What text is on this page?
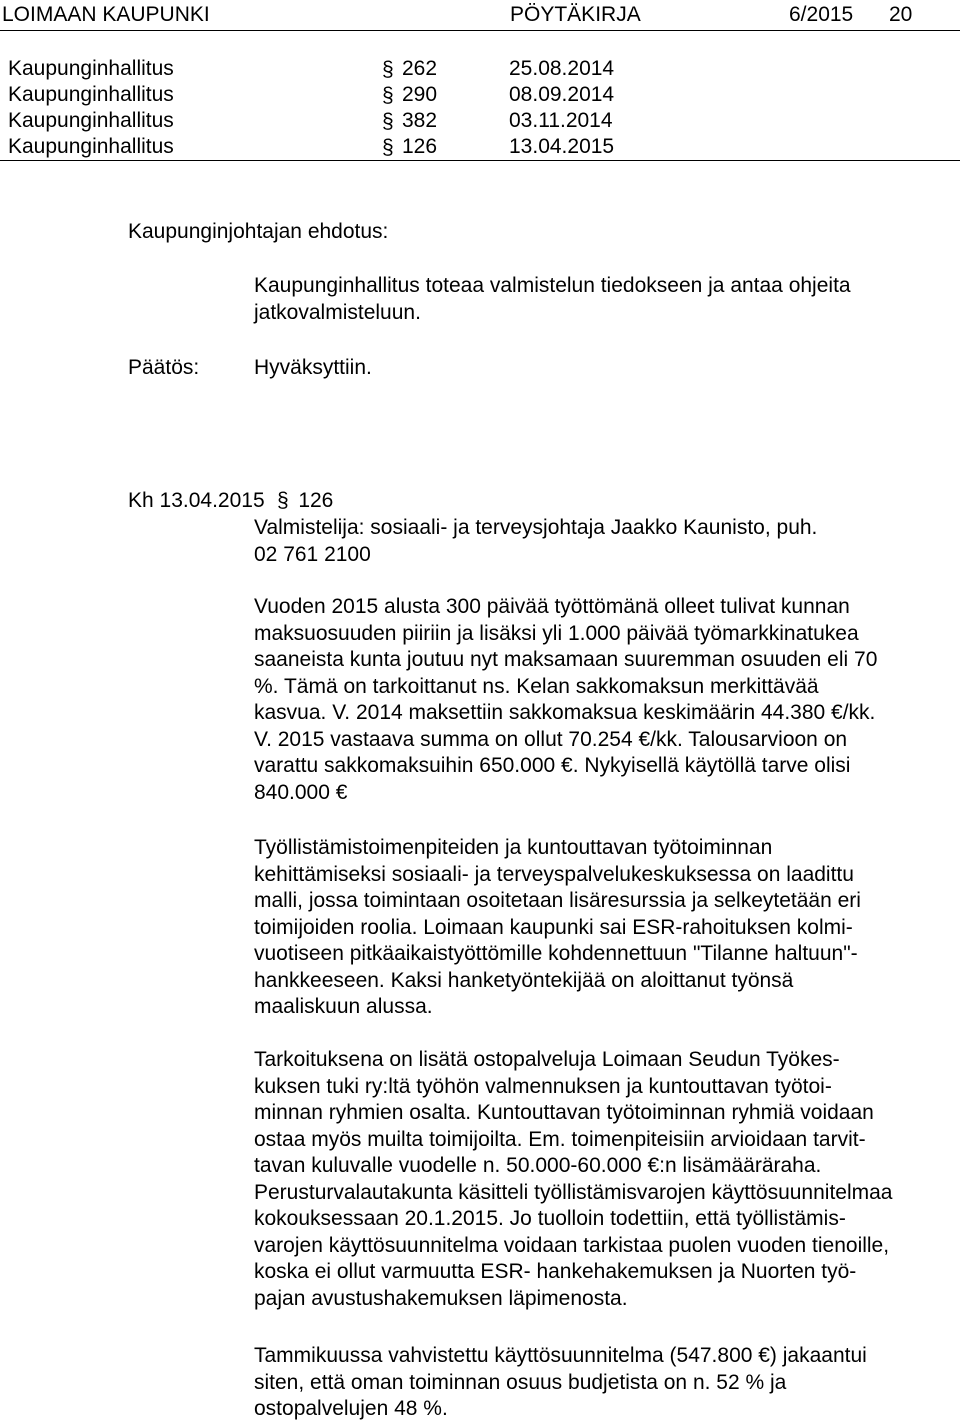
LOIMAAN KAUPUNKI	PÖYTÄKIRJA	6/2015 20
Kaupunginhallitus	§ 262	25.08.2014
Kaupunginhallitus	§ 290	08.09.2014
Kaupunginhallitus	§ 382	03.11.2014
Kaupunginhallitus	§ 126	13.04.2015
Kaupunginjohtajan ehdotus:
Kaupunginhallitus toteaa valmistelun tiedokseen ja antaa ohjeita
jatkovalmisteluun.
Päätös:	Hyväksyttiin.
Kh 13.04.2015 § 126
Valmistelija: sosiaali- ja terveysjohtaja Jaakko Kaunisto, puh.
02 761 2100
Vuoden 2015 alusta 300 päivää työttömänä olleet tulivat kunnan
maksuosuuden piiriin ja lisäksi yli 1.000 päivää työmarkkinatukea
saaneista kunta joutuu nyt maksamaan suuremman osuuden eli 70
%. Tämä on tarkoittanut ns. Kelan sakkomaksun merkittävää
kasvua. V. 2014 maksettiin sakkomaksua keskimäärin 44.380 €/kk.
V. 2015 vastaava summa on ollut 70.254 €/kk. Talousarvioon on
varattu sakkomaksuihin 650.000 €. Nykyisellä käytöllä tarve olisi
840.000 €
Työllistämistoimenpiteiden ja kuntouttavan työtoiminnan
kehittämiseksi sosiaali- ja terveyspalvelukeskuksessa on laadittu
malli, jossa toimintaan osoitetaan lisäresurssia ja selkeytetään eri
toimijoiden roolia. Loimaan kaupunki sai ESR-rahoituksen kolmi-
vuotiseen pitkäaikaistyöttömille kohdennettuun "Tilanne haltuun"-
hankkeeseen. Kaksi hanketyöntekijää on aloittanut työnsä
maaliskuun alussa.
Tarkoituksena on lisätä ostopalveluja Loimaan Seudun Työkes-
kuksen tuki ry:ltä työhön valmennuksen ja kuntouttavan työtoi-
minnan ryhmien osalta. Kuntouttavan työtoiminnan ryhmiä voidaan
ostaa myös muilta toimijoilta. Em. toimenpiteisiin arvioidaan tarvit-
tavan kuluvalle vuodelle n. 50.000-60.000 €:n lisämääräraha.
Perusturvalautakunta käsitteli työllistämisvarojen käyttösuunnitelmaa
kokouksessaan 20.1.2015. Jo tuolloin todettiin, että työllistämis-
varojen käyttösuunnitelma voidaan tarkistaa puolen vuoden tienoille,
koska ei ollut varmuutta ESR- hankehakemuksen ja Nuorten työ-
pajan avustushakemuksen läpimenosta.
Tammikuussa vahvistettu käyttösuunnitelma (547.800 €) jakaantui
siten, että oman toiminnan osuus budjetista on n. 52 % ja
ostopalvelujen 48 %.
